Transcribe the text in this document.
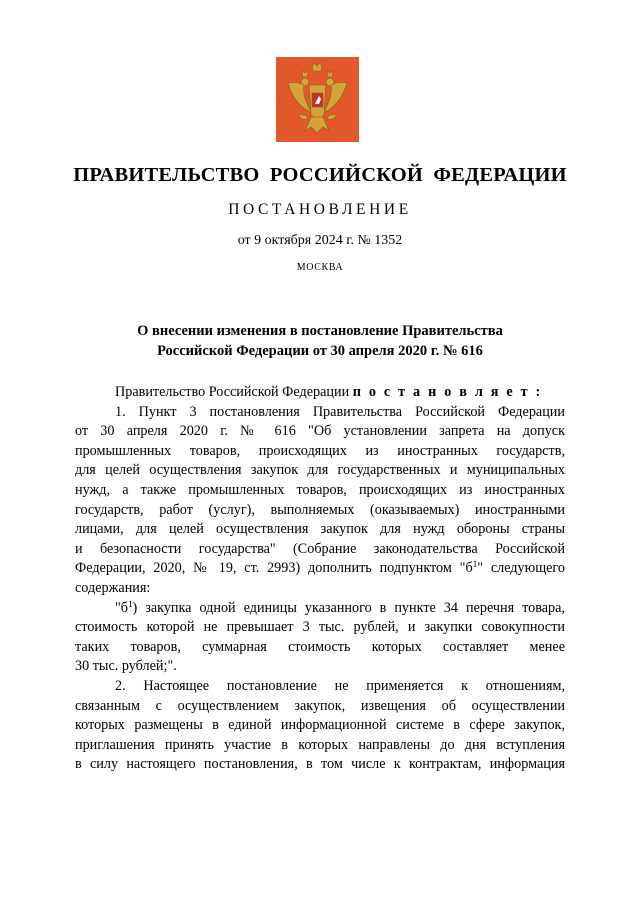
ПРАВИТЕЛЬСТВО РОССИЙСКОЙ ФЕДЕРАЦИИ
ПОСТАНОВЛЕНИЕ
от 9 октября 2024 г. № 1352
МОСКВА
О внесении изменения в постановление Правительства
Российской Федерации от 30 апреля 2020 г. № 616
Правительство Российской Федерации п о с т а н о в л я е т :
1. Пункт 3 постановления Правительства Российской Федерации
от 30 апреля 2020 г. № 616 "Об установлении запрета на допуск
промышленных товаров, происходящих из иностранных государств,
для целей осуществления закупок для государственных и муниципальных
нужд, а также промышленных товаров, происходящих из иностранных
государств, работ (услуг), выполняемых (оказываемых) иностранными
лицами, для целей осуществления закупок для нужд обороны страны
и безопасности государства" (Собрание законодательства Российской
Федерации, 2020, № 19, ст. 2993) дополнить подпунктом "$б^1$" следующего
содержания:
"$б^1$) закупка одной единицы указанного в пункте 34 перечня товара,
стоимость которой не превышает 3 тыс. рублей, и закупки совокупности
таких товаров, суммарная стоимость которых составляет менее
30 тыс. рублей;".
2. Настоящее постановление не применяется к отношениям,
связанным с осуществлением закупок, извещения об осуществлении
которых размещены в единой информационной системе в сфере закупок,
приглашения принять участие в которых направлены до дня вступления
в силу настоящего постановления, в том числе к контрактам, информация
